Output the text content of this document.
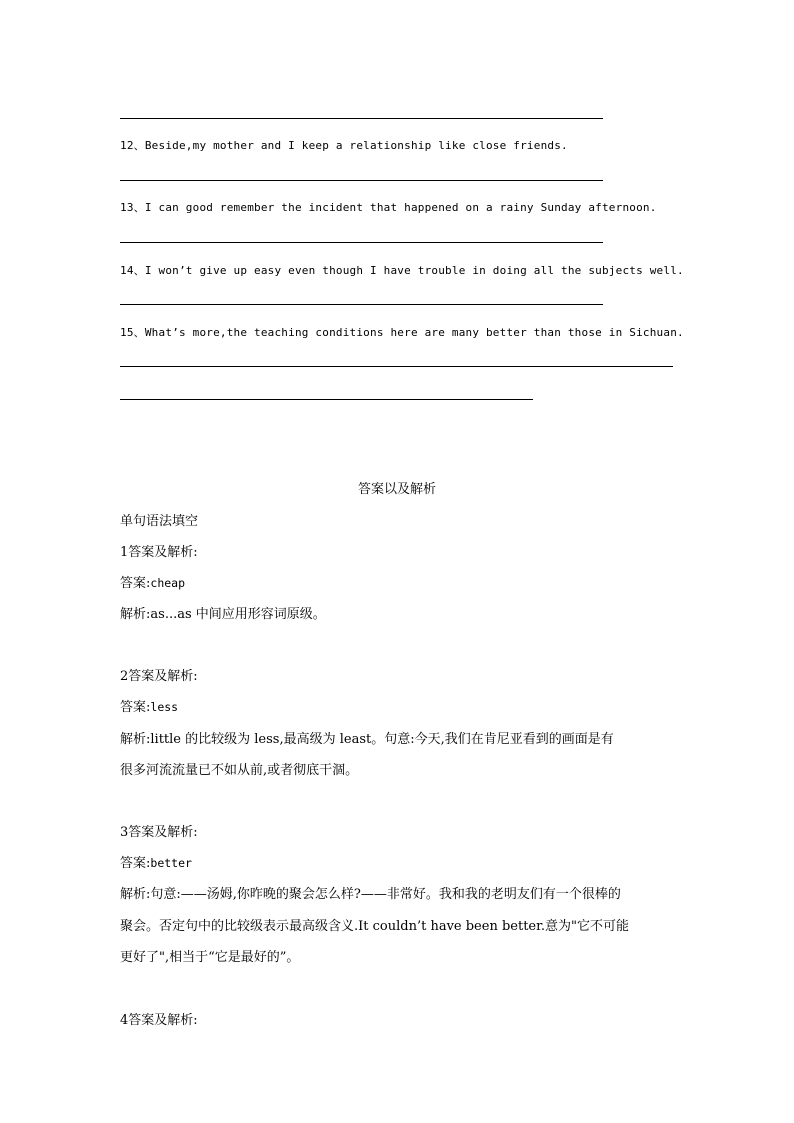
12、Beside,my mother and I keep a relationship like close friends.
13、I can good remember the incident that happened on a rainy Sunday afternoon.
14、I won’t give up easy even though I have trouble in doing all the subjects well.
15、What’s more,the teaching conditions here are many better than those in Sichuan.
答案以及解析
单句语法填空
1答案及解析:
答案:cheap
解析:as...as 中间应用形容词原级。
2答案及解析:
答案:less
解析:little 的比较级为 less,最高级为 least。句意:今天,我们在肯尼亚看到的画面是有
很多河流流量已不如从前,或者彻底干涸。
3答案及解析:
答案:better
解析:句意:——汤姆,你昨晚的聚会怎么样?——非常好。我和我的老明友们有一个很棒的
聚会。否定句中的比较级表示最高级含义.It couldn’t have been better.意为"它不可能
更好了",相当于“它是最好的”。
4答案及解析:
